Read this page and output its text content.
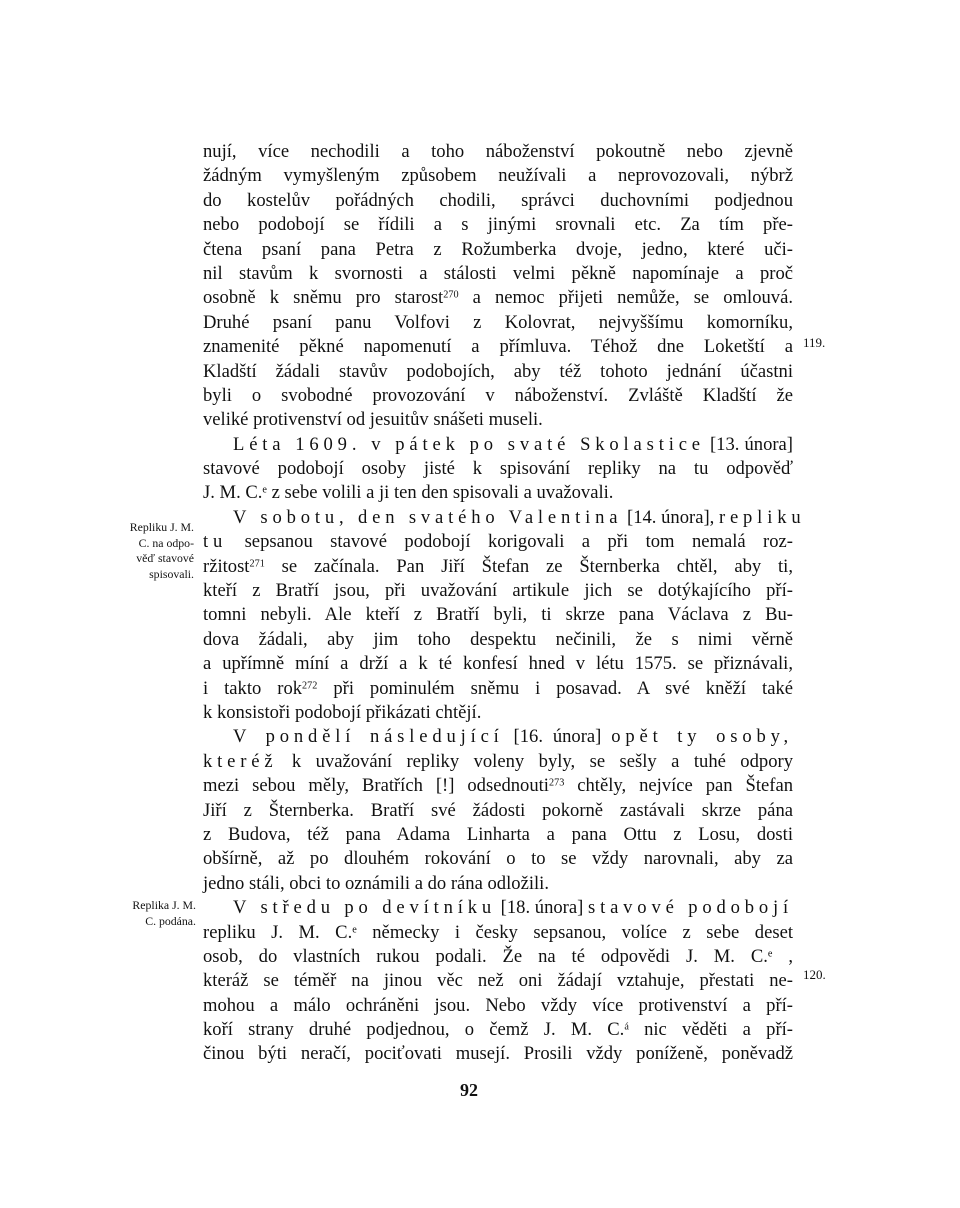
nují, více nechodili a toho náboženství pokoutně nebo zjevně
žádným vymyšleným způsobem neužívali a neprovozovali, nýbrž
do kostelův pořádných chodili, správci duchovními podjednou
nebo podobojí se řídili a s jinými srovnali etc. Za tím pře-
čtena psaní pana Petra z Rožumberka dvoje, jedno, které uči-
nil stavům k svornosti a stálosti velmi pěkně napomínaje a proč
osobně k sněmu pro starost$^{270}$ a nemoc přijeti nemůže, se omlouvá.
Druhé psaní panu Volfovi z Kolovrat, nejvyššímu komorníku,
znamenité pěkné napomenutí a přímluva. Téhož dne Loketští a
Kladští žádali stavův podobojích, aby též tohoto jednání účastni
byli o svobodné provozování v náboženství. Zvláště Kladští že
veliké protivenství od jesuitův snášeti museli.
Léta 1609. v pátek po svaté Skolastice [13. února]
stavové podobojí osoby jisté k spisování repliky na tu odpověď
J. M. C.$^e$ z sebe volili a ji ten den spisovali a uvažovali.
V sobotu, den svatého Valentina [14. února], repliku
tu sepsanou stavové podobojí korigovali a při tom nemalá roz-
ržitost$^{271}$ se začínala. Pan Jiří Štefan ze Šternberka chtěl, aby ti,
kteří z Bratří jsou, při uvažování artikule jich se dotýkajícího pří-
tomni nebyli. Ale kteří z Bratří byli, ti skrze pana Václava z Bu-
dova žádali, aby jim toho despektu nečinili, že s nimi věrně
a upřímně míní a drží a k té konfesí hned v létu 1575. se přiznávali,
i takto rok$^{272}$ při pominulém sněmu i posavad. A své kněží také
k konsistoři podobojí přikázati chtějí.
V pondělí následující [16. února] opět ty osoby,
kteréž k uvažování repliky voleny byly, se sešly a tuhé odpory
mezi sebou měly, Bratřích [!] odsednouti$^{273}$ chtěly, nejvíce pan Štefan
Jiří z Šternberka. Bratří své žádosti pokorně zastávali skrze pána
z Budova, též pana Adama Linharta a pana Ottu z Losu, dosti
obšírně, až po dlouhém rokování o to se vždy narovnali, aby za
jedno stáli, obci to oznámili a do rána odložili.
V středu po devítníku [18. února] stavové podobojí
repliku J. M. C.$^e$ německy i česky sepsanou, volíce z sebe deset
osob, do vlastních rukou podali. Že na té odpovědi J. M. C.$^e$ ,
kteráž se téměř na jinou věc než oni žádají vztahuje, přestati ne-
mohou a málo ochráněni jsou. Nebo vždy více protivenství a pří-
koří strany druhé podjednou, o čemž J. M. C.$^á$ nic věděti a pří-
činou býti neračí, pociťovati musejí. Prosili vždy poníženě, poněvadž
Repliku J. M.
C. na odpo-
věď stavové
spisovali.
Replika J. M.
C. podána.
119.
120.
92
